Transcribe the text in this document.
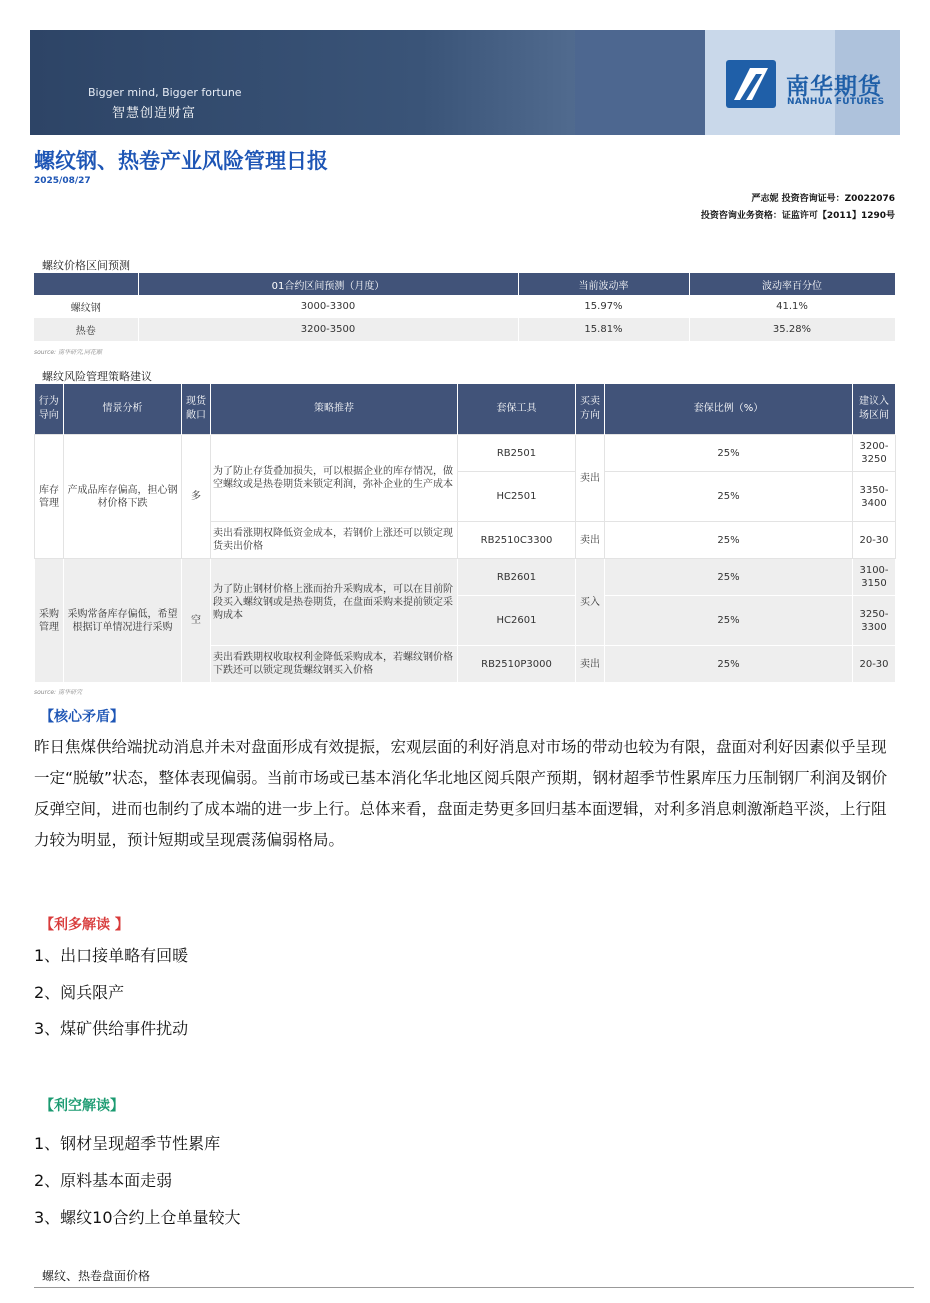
Bigger mind, Bigger fortune
智慧创造财富
南华期货
NANHUA FUTURES
螺纹钢、热卷产业风险管理日报
2025/08/27
严志妮 投资咨询证号：Z0022076
投资咨询业务资格：证监许可【2011】1290号
螺纹价格区间预测
	01合约区间预测（月度）	当前波动率	波动率百分位
螺纹钢	3000-3300	15.97%	41.1%
热卷	3200-3500	15.81%	35.28%
source: 南华研究,同花顺
螺纹风险管理策略建议
行为导向	情景分析	现货敞口	策略推荐	套保工具	买卖方向	套保比例（%）	建议入场区间
库存管理	产成品库存偏高，担心钢材价格下跌	多	为了防止存货叠加损失，可以根据企业的库存情况，做空螺纹或是热卷期货来锁定利润，弥补企业的生产成本	RB2501	卖出	25%	3200-3250
				HC2501		25%	3350-3400
			卖出看涨期权降低资金成本，若钢价上涨还可以锁定现货卖出价格	RB2510C3300	卖出	25%	20-30
采购管理	采购常备库存偏低，希望根据订单情况进行采购	空	为了防止钢材价格上涨而抬升采购成本，可以在目前阶段买入螺纹钢或是热卷期货，在盘面采购来提前锁定采购成本	RB2601	买入	25%	3100-3150
				HC2601		25%	3250-3300
			卖出看跌期权收取权利金降低采购成本，若螺纹钢价格下跌还可以锁定现货螺纹钢买入价格	RB2510P3000	卖出	25%	20-30
source: 南华研究
【核心矛盾】
昨日焦煤供给端扰动消息并未对盘面形成有效提振，宏观层面的利好消息对市场的带动也较为有限，盘面对利好因素似乎呈现一定“脱敏”状态，整体表现偏弱。当前市场或已基本消化华北地区阅兵限产预期，钢材超季节性累库压力压制钢厂利润及钢价反弹空间，进而也制约了成本端的进一步上行。总体来看，盘面走势更多回归基本面逻辑，对利多消息刺激渐趋平淡，上行阻力较为明显，预计短期或呈现震荡偏弱格局。
【利多解读 】
1、出口接单略有回暖
2、阅兵限产
3、煤矿供给事件扰动
【利空解读】
1、钢材呈现超季节性累库
2、原料基本面走弱
3、螺纹10合约上仓单量较大
螺纹、热卷盘面价格
